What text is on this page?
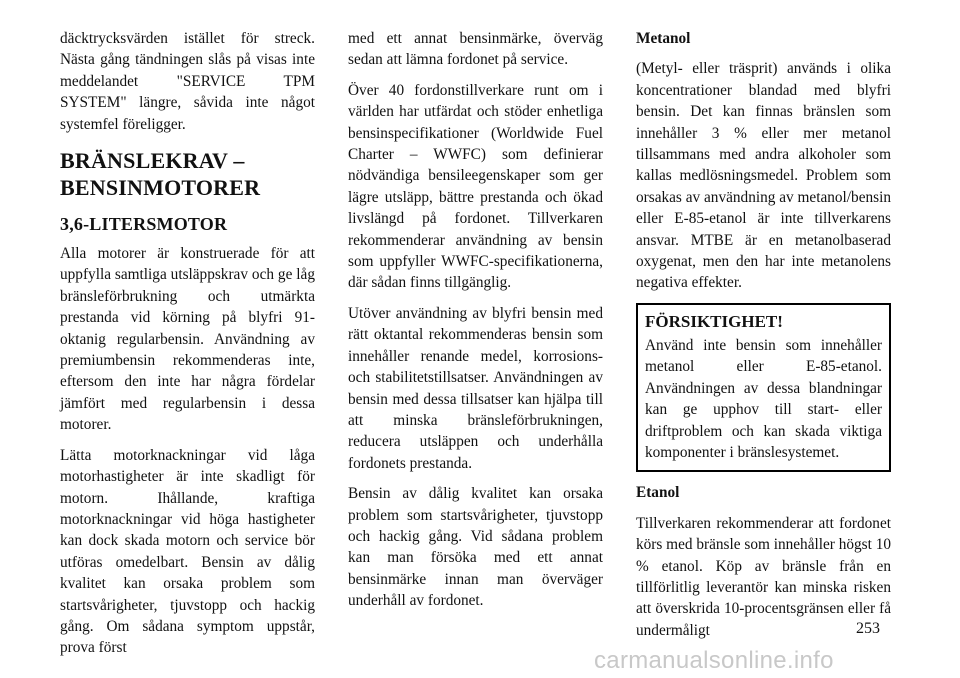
däcktrycksvärden istället för streck. Nästa gång tändningen slås på visas inte meddelandet "SERVICE TPM SYSTEM" längre, såvida inte något systemfel föreligger.

BRÄNSLEKRAV – BENSINMOTORER
3,6-LITERSMOTOR

Alla motorer är konstruerade för att uppfylla samtliga utsläppskrav och ge låg bränsleförbrukning och utmärkta prestanda vid körning på blyfri 91-oktanig regularbensin. Användning av premiumbensin rekommenderas inte, eftersom den inte har några fördelar jämfört med regularbensin i dessa motorer.

Lätta motorknackningar vid låga motorhastigheter är inte skadligt för motorn. Ihållande, kraftiga motorknackningar vid höga hastigheter kan dock skada motorn och service bör utföras omedelbart. Bensin av dålig kvalitet kan orsaka problem som startsvårigheter, tjuvstopp och hackig gång. Om sådana symptom uppstår, prova först

med ett annat bensinmärke, överväg sedan att lämna fordonet på service.

Över 40 fordonstillverkare runt om i världen har utfärdat och stöder enhetliga bensinspecifikationer (Worldwide Fuel Charter – WWFC) som definierar nödvändiga bensileegenskaper som ger lägre utsläpp, bättre prestanda och ökad livslängd på fordonet. Tillverkaren rekommenderar användning av bensin som uppfyller WWFC-specifikationerna, där sådan finns tillgänglig.

Utöver användning av blyfri bensin med rätt oktantal rekommenderas bensin som innehåller renande medel, korrosions- och stabilitetstillsatser. Användningen av bensin med dessa tillsatser kan hjälpa till att minska bränsleförbrukningen, reducera utsläppen och underhålla fordonets prestanda.

Bensin av dålig kvalitet kan orsaka problem som startsvårigheter, tjuvstopp och hackig gång. Vid sådana problem kan man försöka med ett annat bensinmärke innan man överväger underhåll av fordonet.

Metanol

(Metyl- eller träsprit) används i olika koncentrationer blandad med blyfri bensin. Det kan finnas bränslen som innehåller 3 % eller mer metanol tillsammans med andra alkoholer som kallas medlösningsmedel. Problem som orsakas av användning av metanol/bensin eller E-85-etanol är inte tillverkarens ansvar. MTBE är en metanolbaserad oxygenat, men den har inte metanolens negativa effekter.

FÖRSIKTIGHET!

Använd inte bensin som innehåller metanol eller E-85-etanol. Användningen av dessa blandningar kan ge upphov till start- eller driftproblem och kan skada viktiga komponenter i bränslesystemet.

Etanol

Tillverkaren rekommenderar att fordonet körs med bränsle som innehåller högst 10 % etanol. Köp av bränsle från en tillförlitlig leverantör kan minska risken att överskrida 10-procentsgränsen eller få undermåligt	253
carmanualsonline.info
